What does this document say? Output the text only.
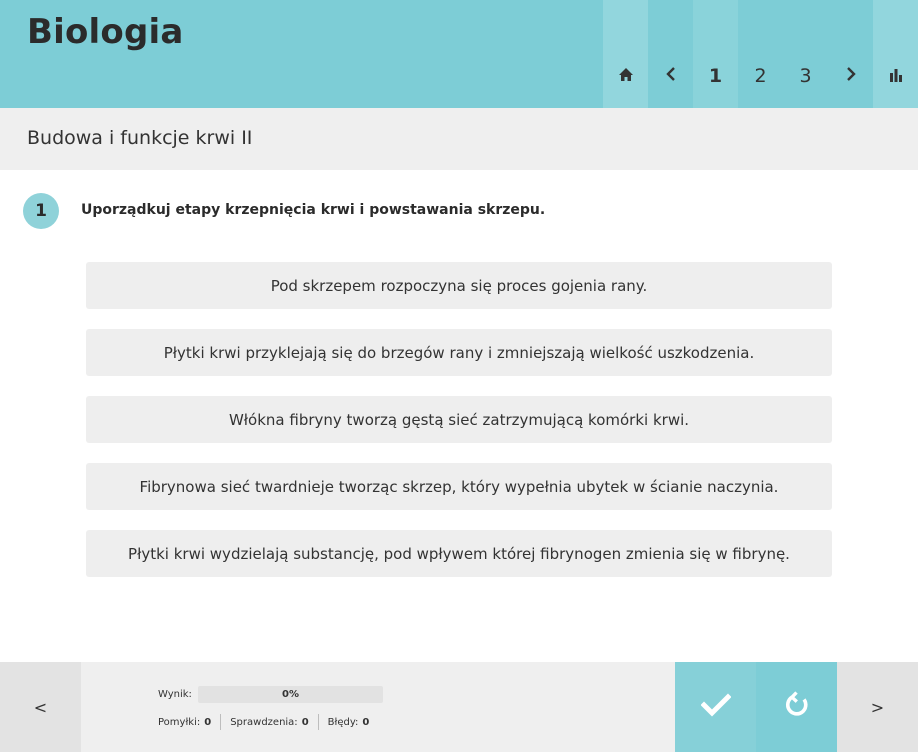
Biologia
1 2 3
Budowa i funkcje krwi II
1	Uporządkuj etapy krzepnięcia krwi i powstawania skrzepu.
Pod skrzepem rozpoczyna się proces gojenia rany.
Płytki krwi przyklejają się do brzegów rany i zmniejszają wielkość uszkodzenia.
Włókna fibryny tworzą gęstą sieć zatrzymującą komórki krwi.
Fibrynowa sieć twardnieje tworząc skrzep, który wypełnia ubytek w ścianie naczynia.
Płytki krwi wydzielają substancję, pod wpływem której fibrynogen zmienia się w fibrynę.
<
Wynik:	0%
Pomyłki: 0 Sprawdzenia: 0 Błędy: 0
>
